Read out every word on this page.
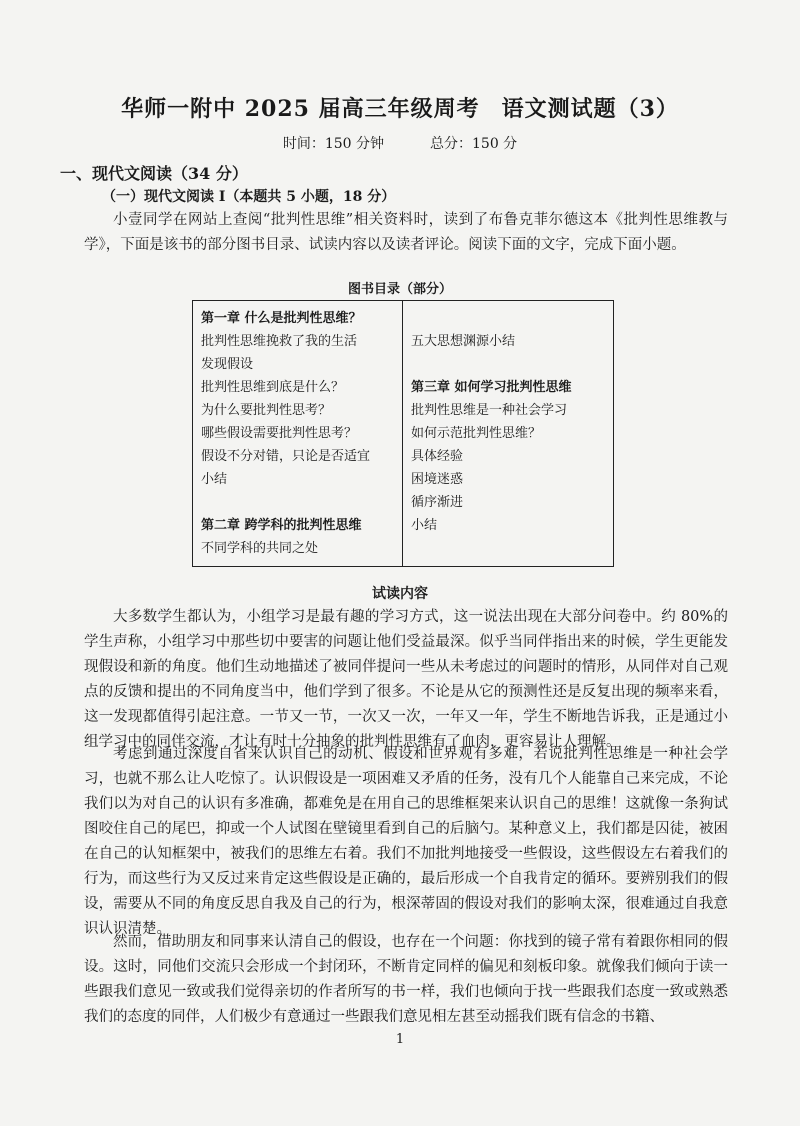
华师一附中 2025 届高三年级周考 语文测试题（3）
时间：150 分钟	总分：150 分
一、现代文阅读（34 分）
（一）现代文阅读 I（本题共 5 小题，18 分）

小壹同学在网站上查阅“批判性思维”相关资料时，读到了布鲁克菲尔德这本《批判性思维教与学》，下面是该书的部分图书目录、试读内容以及读者评论。阅读下面的文字，完成下面小题。

图书目录（部分）
第一章 什么是批判性思维？
批判性思维挽救了我的生活
发现假设
批判性思维到底是什么？
为什么要批判性思考？
哪些假设需要批判性思考？
假设不分对错，只论是否适宜
小结
第二章 跨学科的批判性思维
不同学科的共同之处
五大思想渊源小结
第三章 如何学习批判性思维
批判性思维是一种社会学习
如何示范批判性思维？
具体经验
困境迷惑
循序渐进
小结
试读内容

大多数学生都认为，小组学习是最有趣的学习方式，这一说法出现在大部分问卷中。约 80%的学生声称，小组学习中那些切中要害的问题让他们受益最深。似乎当同伴指出来的时候，学生更能发现假设和新的角度。他们生动地描述了被同伴提问一些从未考虑过的问题时的情形，从同伴对自己观点的反馈和提出的不同角度当中，他们学到了很多。不论是从它的预测性还是反复出现的频率来看，这一发现都值得引起注意。一节又一节，一次又一次，一年又一年，学生不断地告诉我，正是通过小组学习中的同伴交流，才让有时十分抽象的批判性思维有了血肉，更容易让人理解。

考虑到通过深度自省来认识自己的动机、假设和世界观有多难，若说批判性思维是一种社会学习，也就不那么让人吃惊了。认识假设是一项困难又矛盾的任务，没有几个人能靠自己来完成，不论我们以为对自己的认识有多准确，都难免是在用自己的思维框架来认识自己的思维！这就像一条狗试图咬住自己的尾巴，抑或一个人试图在壁镜里看到自己的后脑勺。某种意义上，我们都是囚徒，被困在自己的认知框架中，被我们的思维左右着。我们不加批判地接受一些假设，这些假设左右着我们的行为，而这些行为又反过来肯定这些假设是正确的，最后形成一个自我肯定的循环。要辨别我们的假设，需要从不同的角度反思自我及自己的行为，根深蒂固的假设对我们的影响太深，很难通过自我意识认识清楚。

然而，借助朋友和同事来认清自己的假设，也存在一个问题：你找到的镜子常有着跟你相同的假设。这时，同他们交流只会形成一个封闭环，不断肯定同样的偏见和刻板印象。就像我们倾向于读一些跟我们意见一致或我们觉得亲切的作者所写的书一样，我们也倾向于找一些跟我们态度一致或熟悉我们的态度的同伴，人们极少有意通过一些跟我们意见相左甚至动摇我们既有信念的书籍、

1
